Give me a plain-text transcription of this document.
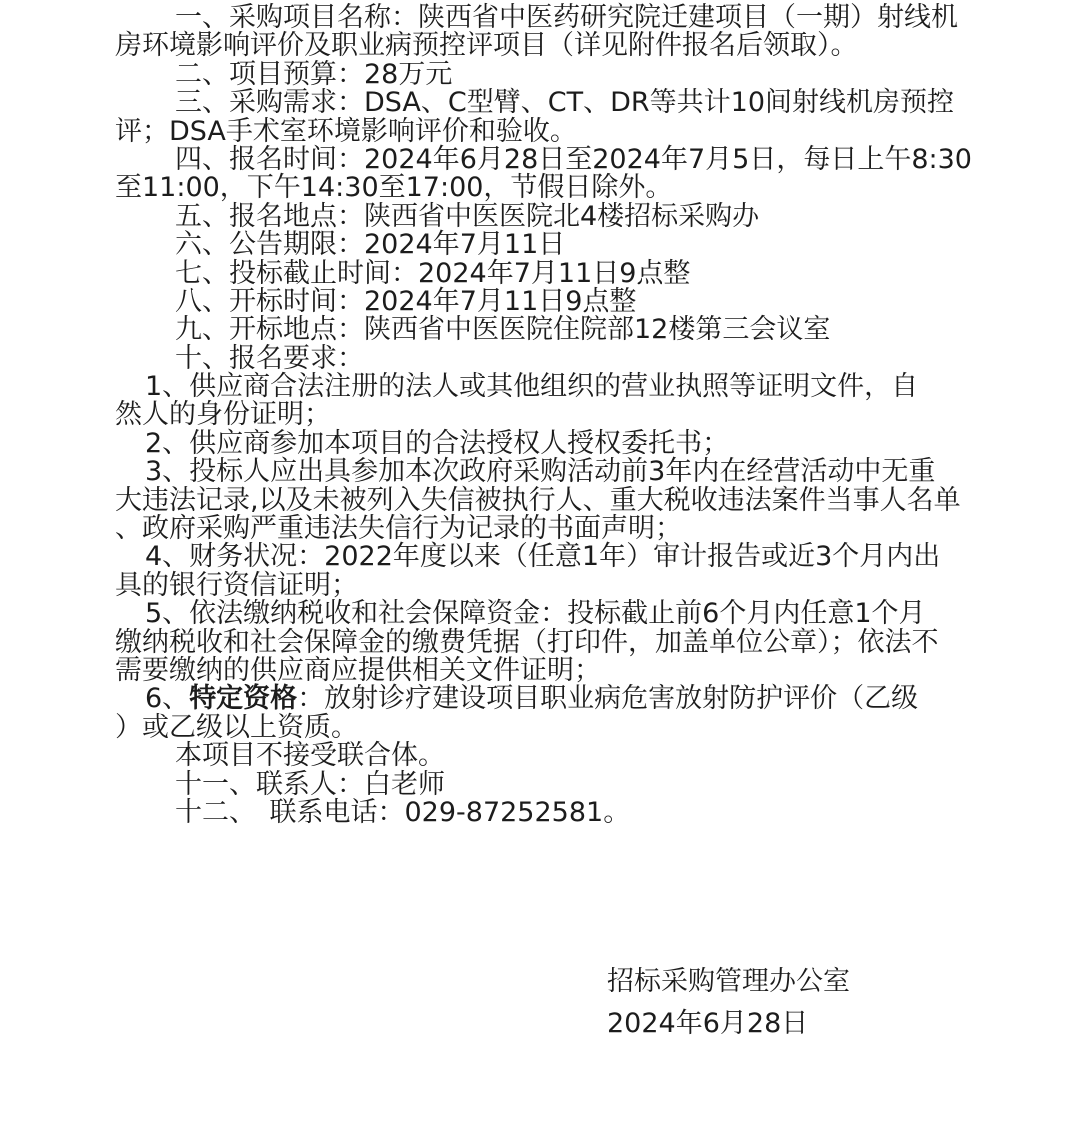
一、采购项目名称：陕西省中医药研究院迁建项目（一期）射线机
房环境影响评价及职业病预控评项目（详见附件报名后领取）。
二、项目预算：28万元
三、采购需求：DSA、C型臂、CT、DR等共计10间射线机房预控
评；DSA手术室环境影响评价和验收。
四、报名时间：2024年6月28日至2024年7月5日，每日上午8:30
至11:00，下午14:30至17:00，节假日除外。
五、报名地点：陕西省中医医院北4楼招标采购办
六、公告期限：2024年7月11日
七、投标截止时间：2024年7月11日9点整
八、开标时间：2024年7月11日9点整
九、开标地点：陕西省中医医院住院部12楼第三会议室
十、报名要求：
1、供应商合法注册的法人或其他组织的营业执照等证明文件，自
然人的身份证明；
2、供应商参加本项目的合法授权人授权委托书；
3、投标人应出具参加本次政府采购活动前3年内在经营活动中无重
大违法记录,以及未被列入失信被执行人、重大税收违法案件当事人名单
、政府采购严重违法失信行为记录的书面声明；
4、财务状况：2022年度以来（任意1年）审计报告或近3个月内出
具的银行资信证明；
5、依法缴纳税收和社会保障资金：投标截止前6个月内任意1个月
缴纳税收和社会保障金的缴费凭据（打印件，加盖单位公章）；依法不
需要缴纳的供应商应提供相关文件证明；
6、特定资格：放射诊疗建设项目职业病危害放射防护评价（乙级
）或乙级以上资质。
本项目不接受联合体。
十一、联系人：白老师
十二、　联系电话：029-87252581。
招标采购管理办公室
2024年6月28日
